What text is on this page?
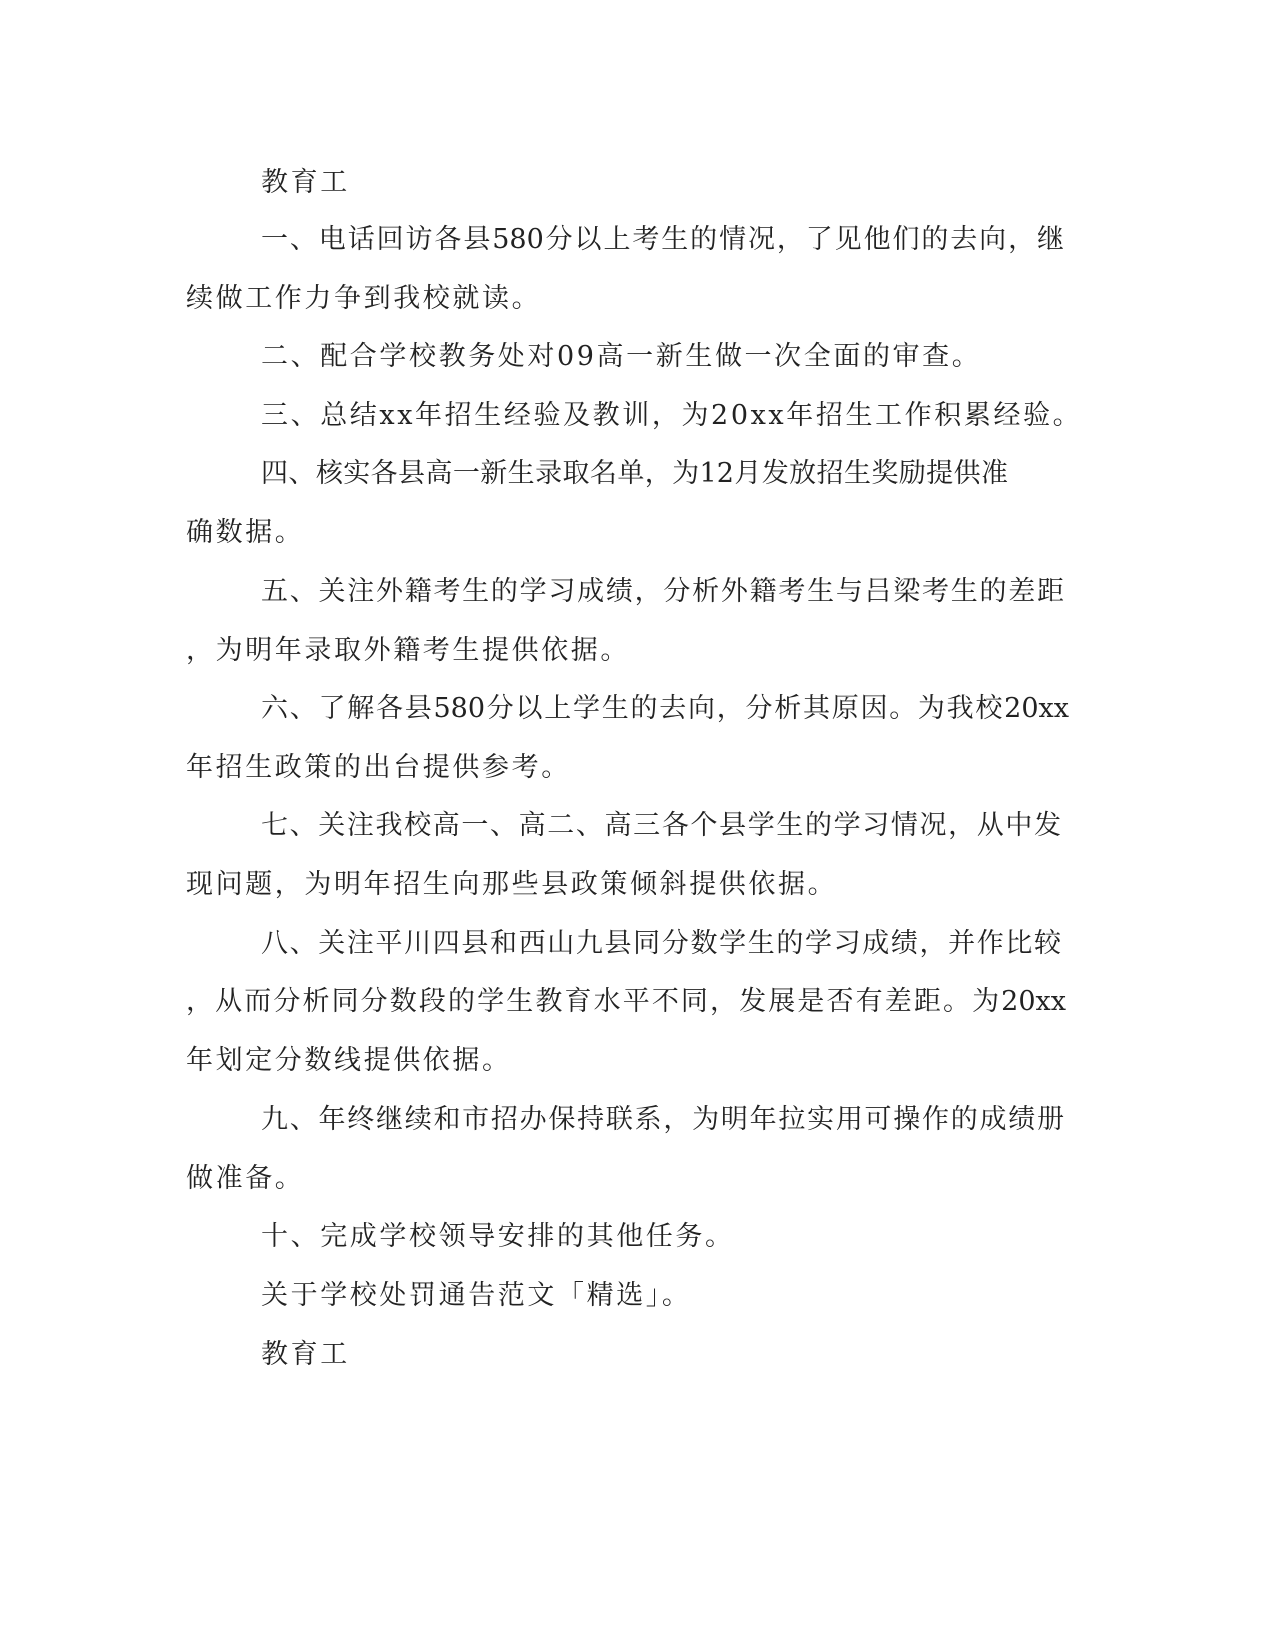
教育工

一、电话回访各县580分以上考生的情况，了见他们的去向，继

续做工作力争到我校就读。

二、配合学校教务处对09高一新生做一次全面的审查。

三、总结xx年招生经验及教训，为20xx年招生工作积累经验。

四、核实各县高一新生录取名单，为12月发放招生奖励提供准

确数据。

五、关注外籍考生的学习成绩，分析外籍考生与吕梁考生的差距

，为明年录取外籍考生提供依据。

六、了解各县580分以上学生的去向，分析其原因。为我校20xx

年招生政策的出台提供参考。

七、关注我校高一、高二、高三各个县学生的学习情况，从中发

现问题，为明年招生向那些县政策倾斜提供依据。

八、关注平川四县和西山九县同分数学生的学习成绩，并作比较

，从而分析同分数段的学生教育水平不同，发展是否有差距。为20xx

年划定分数线提供依据。

九、年终继续和市招办保持联系，为明年拉实用可操作的成绩册

做准备。

十、完成学校领导安排的其他任务。

关于学校处罚通告范文「精选」。

教育工
